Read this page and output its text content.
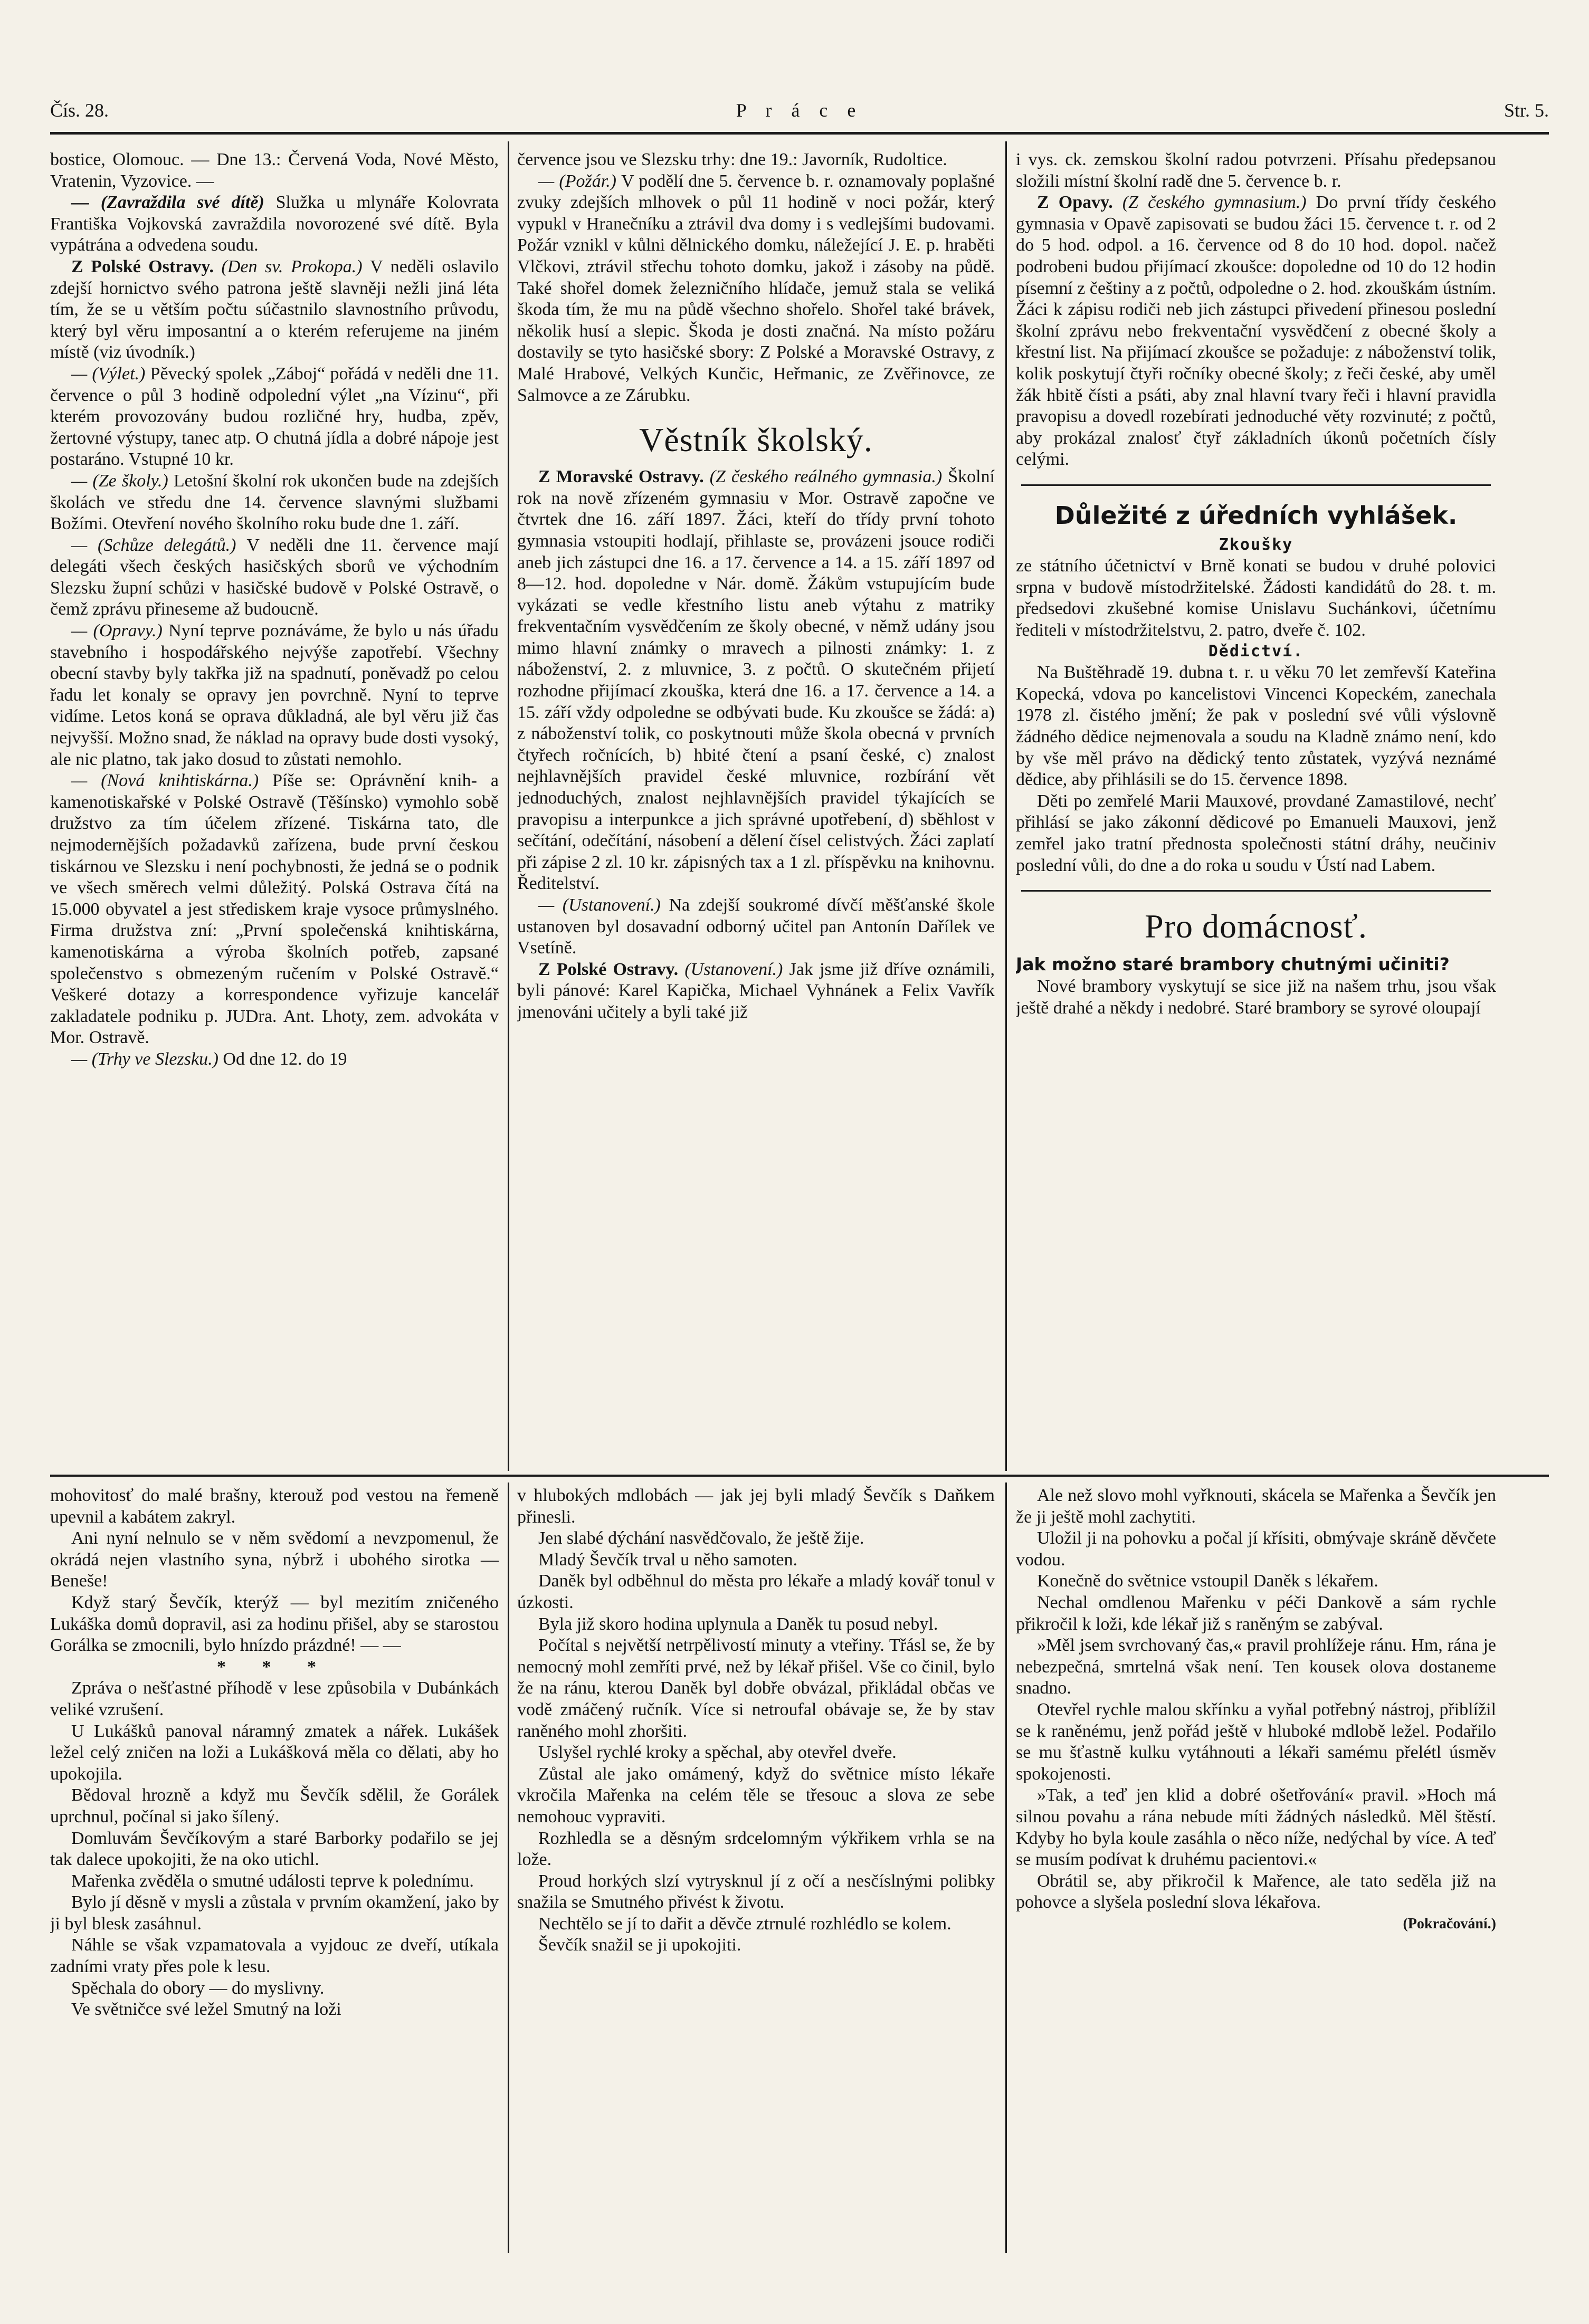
Čís. 28.	P r á c e	Str. 5.

bostice, Olomouc. — Dne 13.: Červená Voda, Nové Město, Vratenin, Vyzovice. —

— (Zavraždila své dítě) Služka u mlynáře Kolovrata Františka Vojkovská zavraždila novorozené své dítě. Byla vypátrána a odvedena soudu.

Z Polské Ostravy. (Den sv. Prokopa.) V neděli oslavilo zdejší hornictvo svého patrona ještě slavněji nežli jiná léta tím, že se u větším počtu súčastnilo slavnostního průvodu, který byl věru imposantní a o kterém referujeme na jiném místě (viz úvodník.)

— (Výlet.) Pěvecký spolek „Záboj“ pořádá v neděli dne 11. července o půl 3 hodině odpolední výlet „na Vízinu“, při kterém provozovány budou rozličné hry, hudba, zpěv, žertovné výstupy, tanec atp. O chutná jídla a dobré nápoje jest postaráno. Vstupné 10 kr.

— (Ze školy.) Letošní školní rok ukončen bude na zdejších školách ve středu dne 14. července slavnými službami Božími. Otevření nového školního roku bude dne 1. září.

— (Schůze delegátů.) V neděli dne 11. července mají delegáti všech českých hasičských sborů ve východním Slezsku župní schůzi v hasičské budově v Polské Ostravě, o čemž zprávu přineseme až budoucně.

— (Opravy.) Nyní teprve poznáváme, že bylo u nás úřadu stavebního i hospodářského nejvýše zapotřebí. Všechny obecní stavby byly takřka již na spadnutí, poněvadž po celou řadu let konaly se opravy jen povrchně. Nyní to teprve vidíme. Letos koná se oprava důkladná, ale byl věru již čas nejvyšší. Možno snad, že náklad na opravy bude dosti vysoký, ale nic platno, tak jako dosud to zůstati nemohlo.

— (Nová knihtiskárna.) Píše se: Oprávnění knih- a kamenotiskařské v Polské Ostravě (Těšínsko) vymohlo sobě družstvo za tím účelem zřízené. Tiskárna tato, dle nejmodernějších požadavků zařízena, bude první českou tiskárnou ve Slezsku i není pochybnosti, že jedná se o podnik ve všech směrech velmi důležitý. Polská Ostrava čítá na 15.000 obyvatel a jest střediskem kraje vysoce průmyslného. Firma družstva zní: „První společenská knihtiskárna, kamenotiskárna a výroba školních potřeb, zapsané společenstvo s obmezeným ručením v Polské Ostravě.“ Veškeré dotazy a korrespondence vyřizuje kancelář zakladatele podniku p. JUDra. Ant. Lhoty, zem. advokáta v Mor. Ostravě.

— (Trhy ve Slezsku.) Od dne 12. do 19

července jsou ve Slezsku trhy: dne 19.: Javorník, Rudoltice.

— (Požár.) V podělí dne 5. července b. r. oznamovaly poplašné zvuky zdejších mlhovek o půl 11 hodině v noci požár, který vypukl v Hranečníku a ztrávil dva domy i s vedlejšími budovami. Požár vznikl v kůlni dělnického domku, náležející J. E. p. hraběti Vlčkovi, ztrávil střechu tohoto domku, jakož i zásoby na půdě. Také shořel domek železničního hlídače, jemuž stala se veliká škoda tím, že mu na půdě všechno shořelo. Shořel také brávek, několik husí a slepic. Škoda je dosti značná. Na místo požáru dostavily se tyto hasičské sbory: Z Polské a Moravské Ostravy, z Malé Hrabové, Velkých Kunčic, Heřmanic, ze Zvěřinovce, ze Salmovce a ze Zárubku.

Věstník školský.

Z Moravské Ostravy. (Z českého reálného gymnasia.) Školní rok na nově zřízeném gymnasiu v Mor. Ostravě započne ve čtvrtek dne 16. září 1897. Žáci, kteří do třídy první tohoto gymnasia vstoupiti hodlají, přihlaste se, provázeni jsouce rodiči aneb jich zástupci dne 16. a 17. července a 14. a 15. září 1897 od 8—12. hod. dopoledne v Nár. domě. Žákům vstupujícím bude vykázati se vedle křestního listu aneb výtahu z matriky frekventačním vysvědčením ze školy obecné, v němž udány jsou mimo hlavní známky o mravech a pilnosti známky: 1. z náboženství, 2. z mluvnice, 3. z počtů. O skutečném přijetí rozhodne přijímací zkouška, která dne 16. a 17. července a 14. a 15. září vždy odpoledne se odbývati bude. Ku zkoušce se žádá: a) z náboženství tolik, co poskytnouti může škola obecná v prvních čtyřech ročnících, b) hbité čtení a psaní české, c) znalost nejhlavnějších pravidel české mluvnice, rozbírání vět jednoduchých, znalost nejhlavnějších pravidel týkajících se pravopisu a interpunkce a jich správné upotřebení, d) sběhlost v sečítání, odečítání, násobení a dělení čísel celistvých. Žáci zaplatí při zápise 2 zl. 10 kr. zápisných tax a 1 zl. příspěvku na knihovnu. Ředitelství.

— (Ustanovení.) Na zdejší soukromé dívčí měšťanské škole ustanoven byl dosavadní odborný učitel pan Antonín Dařílek ve Vsetíně.

Z Polské Ostravy. (Ustanovení.) Jak jsme již dříve oznámili, byli pánové: Karel Kapička, Michael Vyhnánek a Felix Vavřík jmenováni učitely a byli také již

i vys. ck. zemskou školní radou potvrzeni. Přísahu předepsanou složili místní školní radě dne 5. července b. r.

Z Opavy. (Z českého gymnasium.) Do první třídy českého gymnasia v Opavě zapisovati se budou žáci 15. července t. r. od 2 do 5 hod. odpol. a 16. července od 8 do 10 hod. dopol. načež podrobeni budou přijímací zkoušce: dopoledne od 10 do 12 hodin písemní z češtiny a z počtů, odpoledne o 2. hod. zkouškám ústním. Žáci k zápisu rodiči neb jich zástupci přivedení přinesou poslední školní zprávu nebo frekventační vysvědčení z obecné školy a křestní list. Na přijímací zkoušce se požaduje: z náboženství tolik, kolik poskytují čtyři ročníky obecné školy; z řeči české, aby uměl žák hbitě čísti a psáti, aby znal hlavní tvary řeči i hlavní pravidla pravopisu a dovedl rozebírati jednoduché věty rozvinuté; z počtů, aby prokázal znalosť čtyř základních úkonů početních čísly celými.

Důležité z úředních vyhlášek.
Zkoušky

ze státního účetnictví v Brně konati se budou v druhé polovici srpna v budově místodržitelské. Žádosti kandidátů do 28. t. m. předsedovi zkušebné komise Unislavu Suchánkovi, účetnímu řediteli v místodržitelstvu, 2. patro, dveře č. 102.

Dědictví.

Na Buštěhradě 19. dubna t. r. u věku 70 let zemřevší Kateřina Kopecká, vdova po kancelistovi Vincenci Kopeckém, zanechala 1978 zl. čistého jmění; že pak v poslední své vůli výslovně žádného dědice nejmenovala a soudu na Kladně známo není, kdo by vše měl právo na dědický tento zůstatek, vyzývá neznámé dědice, aby přihlásili se do 15. července 1898.

Děti po zemřelé Marii Mauxové, provdané Zamastilové, nechť přihlásí se jako zákonní dědicové po Emanueli Mauxovi, jenž zemřel jako tratní přednosta společnosti státní dráhy, neučiniv poslední vůli, do dne a do roka u soudu v Ústí nad Labem.

Pro domácnosť.
Jak možno staré brambory chutnými učiniti?

Nové brambory vyskytují se sice již na našem trhu, jsou však ještě drahé a někdy i nedobré. Staré brambory se syrové oloupají

mohovitosť do malé brašny, kterouž pod vestou na řemeně upevnil a kabátem zakryl.

Ani nyní nelnulo se v něm svědomí a nevzpomenul, že okrádá nejen vlastního syna, nýbrž i ubohého sirotka — Beneše!

Když starý Ševčík, kterýž — byl mezitím zničeného Lukáška domů dopravil, asi za hodinu přišel, aby se starostou Gorálka se zmocnili, bylo hnízdo prázdné! — —

* * *

Zpráva o nešťastné příhodě v lese způsobila v Dubánkách veliké vzrušení.

U Lukášků panoval náramný zmatek a nářek. Lukášek ležel celý zničen na loži a Lukášková měla co dělati, aby ho upokojila.

Bědoval hrozně a když mu Ševčík sdělil, že Gorálek uprchnul, počínal si jako šílený.

Domluvám Ševčíkovým a staré Barborky podařilo se jej tak dalece upokojiti, že na oko utichl.

Mařenka zvěděla o smutné události teprve k polednímu.

Bylo jí děsně v mysli a zůstala v prvním okamžení, jako by ji byl blesk zasáhnul.

Náhle se však vzpamatovala a vyjdouc ze dveří, utíkala zadními vraty přes pole k lesu.

Spěchala do obory — do myslivny.

Ve světničce své ležel Smutný na loži

v hlubokých mdlobách — jak jej byli mladý Ševčík s Daňkem přinesli.

Jen slabé dýchání nasvědčovalo, že ještě žije.

Mladý Ševčík trval u něho samoten.

Daněk byl odběhnul do města pro lékaře a mladý kovář tonul v úzkosti.

Byla již skoro hodina uplynula a Daněk tu posud nebyl.

Počítal s největší netrpělivostí minuty a vteřiny. Třásl se, že by nemocný mohl zemříti prvé, než by lékař přišel. Vše co činil, bylo že na ránu, kterou Daněk byl dobře obvázal, přikládal občas ve vodě zmáčený ručník. Více si netroufal obávaje se, že by stav raněného mohl zhoršiti.

Uslyšel rychlé kroky a spěchal, aby otevřel dveře.

Zůstal ale jako omámený, když do světnice místo lékaře vkročila Mařenka na celém těle se třesouc a slova ze sebe nemohouc vypraviti.

Rozhledla se a děsným srdcelomným výkřikem vrhla se na lože.

Proud horkých slzí vytrysknul jí z očí a nesčíslnými polibky snažila se Smutného přivést k životu.

Nechtělo se jí to dařit a děvče ztrnulé rozhlédlo se kolem.

Ševčík snažil se ji upokojiti.

Ale než slovo mohl vyřknouti, skácela se Mařenka a Ševčík jen že ji ještě mohl zachytiti.

Uložil ji na pohovku a počal jí křísiti, obmývaje skráně děvčete vodou.

Konečně do světnice vstoupil Daněk s lékařem.

Nechal omdlenou Mařenku v péči Dankově a sám rychle přikročil k loži, kde lékař již s raněným se zabýval.

»Měl jsem svrchovaný čas,« pravil prohlížeje ránu. Hm, rána je nebezpečná, smrtelná však není. Ten kousek olova dostaneme snadno.

Otevřel rychle malou skřínku a vyňal potřebný nástroj, přiblížil se k raněnému, jenž pořád ještě v hluboké mdlobě ležel. Podařilo se mu šťastně kulku vytáhnouti a lékaři samému přelétl úsměv spokojenosti.

»Tak, a teď jen klid a dobré ošetřování« pravil. »Hoch má silnou povahu a rána nebude míti žádných následků. Měl štěstí. Kdyby ho byla koule zasáhla o něco níže, nedýchal by více. A teď se musím podívat k druhému pacientovi.«

Obrátil se, aby přikročil k Mařence, ale tato seděla již na pohovce a slyšela poslední slova lékařova.

(Pokračování.)
